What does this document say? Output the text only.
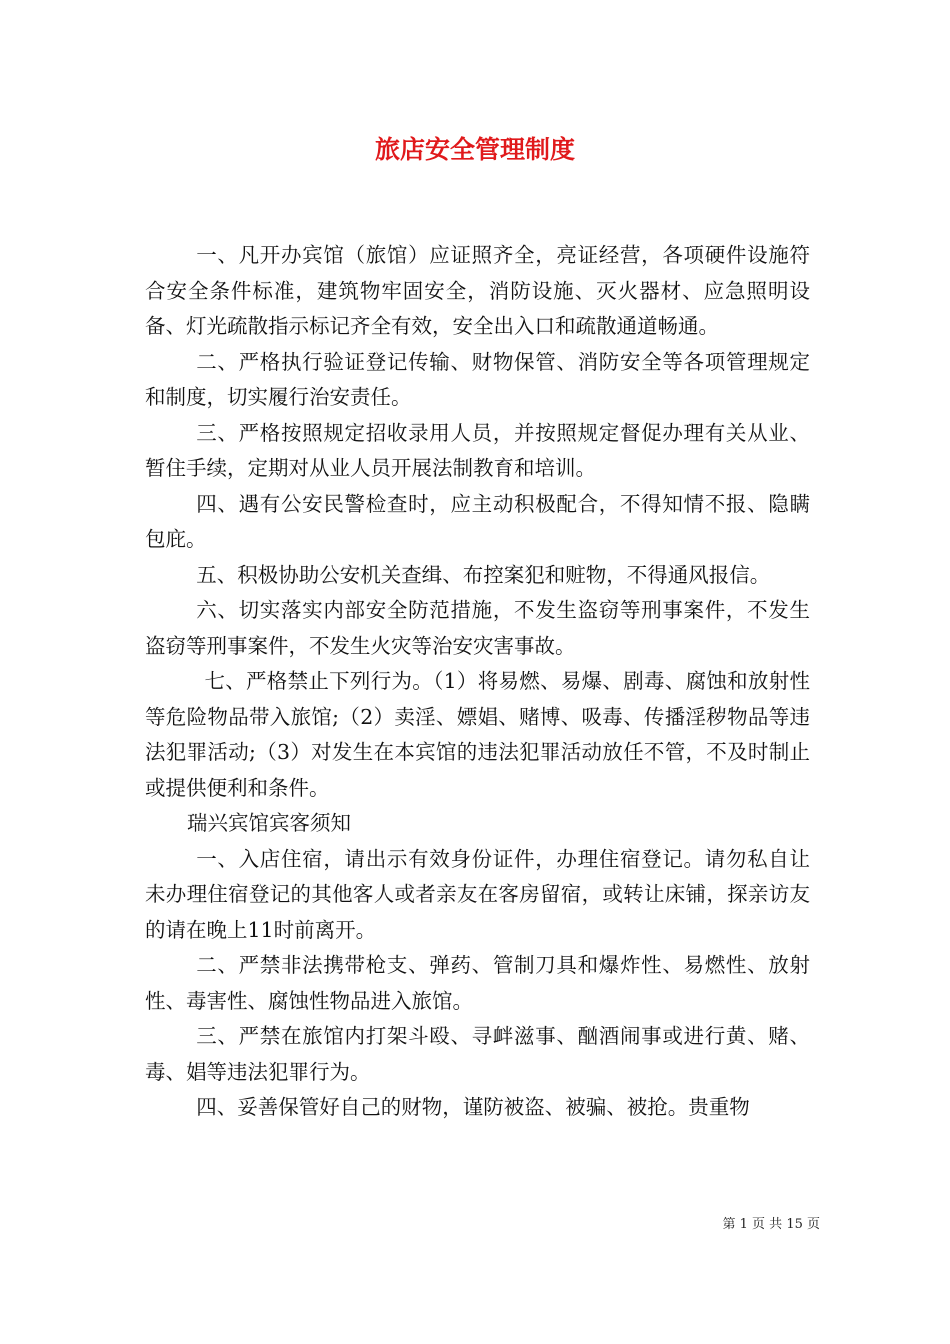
旅店安全管理制度

一、凡开办宾馆（旅馆）应证照齐全，亮证经营，各项硬件设施符合安全条件标准，建筑物牢固安全，消防设施、灭火器材、应急照明设备、灯光疏散指示标记齐全有效，安全出入口和疏散通道畅通。

二、严格执行验证登记传输、财物保管、消防安全等各项管理规定和制度，切实履行治安责任。

三、严格按照规定招收录用人员，并按照规定督促办理有关从业、暂住手续，定期对从业人员开展法制教育和培训。

四、遇有公安民警检查时，应主动积极配合，不得知情不报、隐瞒包庇。

五、积极协助公安机关查缉、布控案犯和赃物，不得通风报信。

六、切实落实内部安全防范措施，不发生盗窃等刑事案件，不发生盗窃等刑事案件，不发生火灾等治安灾害事故。

七、严格禁止下列行为。（1）将易燃、易爆、剧毒、腐蚀和放射性等危险物品带入旅馆;（2）卖淫、嫖娼、赌博、吸毒、传播淫秽物品等违法犯罪活动;（3）对发生在本宾馆的违法犯罪活动放任不管，不及时制止或提供便利和条件。

瑞兴宾馆宾客须知

一、入店住宿，请出示有效身份证件，办理住宿登记。请勿私自让未办理住宿登记的其他客人或者亲友在客房留宿，或转让床铺，探亲访友的请在晚上11时前离开。

二、严禁非法携带枪支、弹药、管制刀具和爆炸性、易燃性、放射性、毒害性、腐蚀性物品进入旅馆。

三、严禁在旅馆内打架斗殴、寻衅滋事、酗酒闹事或进行黄、赌、毒、娼等违法犯罪行为。

四、妥善保管好自己的财物，谨防被盗、被骗、被抢。贵重物

第 1 页 共 15 页
